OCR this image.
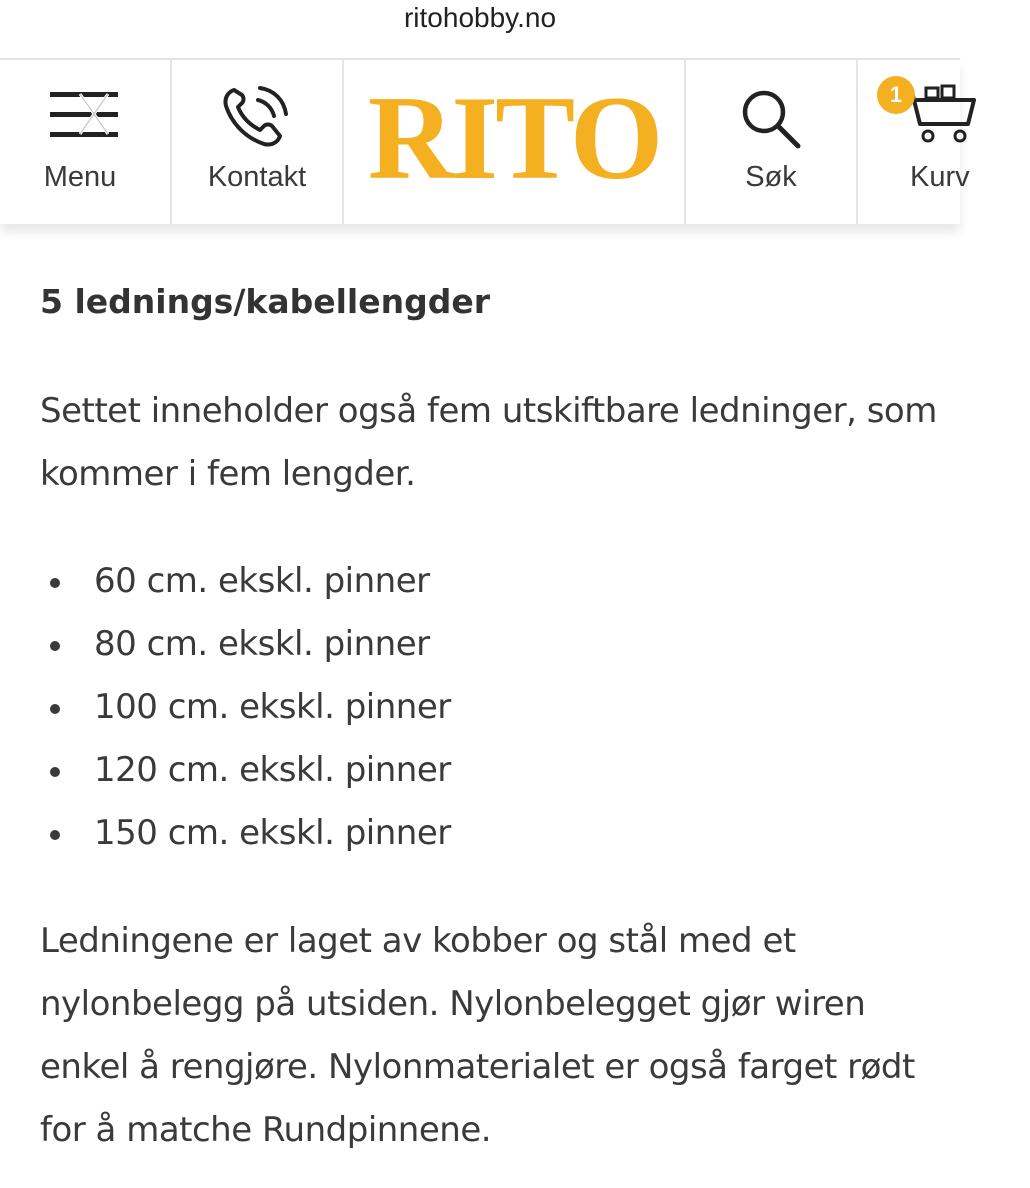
ritohobby.no
Menu	Kontakt RITO	Søk	Kurv
1
5 lednings/kabellengder

Settet inneholder også fem utskiftbare ledninger, som

kommer i fem lengder.

60 cm. ekskl. pinner
80 cm. ekskl. pinner
100 cm. ekskl. pinner
120 cm. ekskl. pinner
150 cm. ekskl. pinner

Ledningene er laget av kobber og stål med et

nylonbelegg på utsiden. Nylonbelegget gjør wiren

enkel å rengjøre. Nylonmaterialet er også farget rødt

for å matche Rundpinnene.
